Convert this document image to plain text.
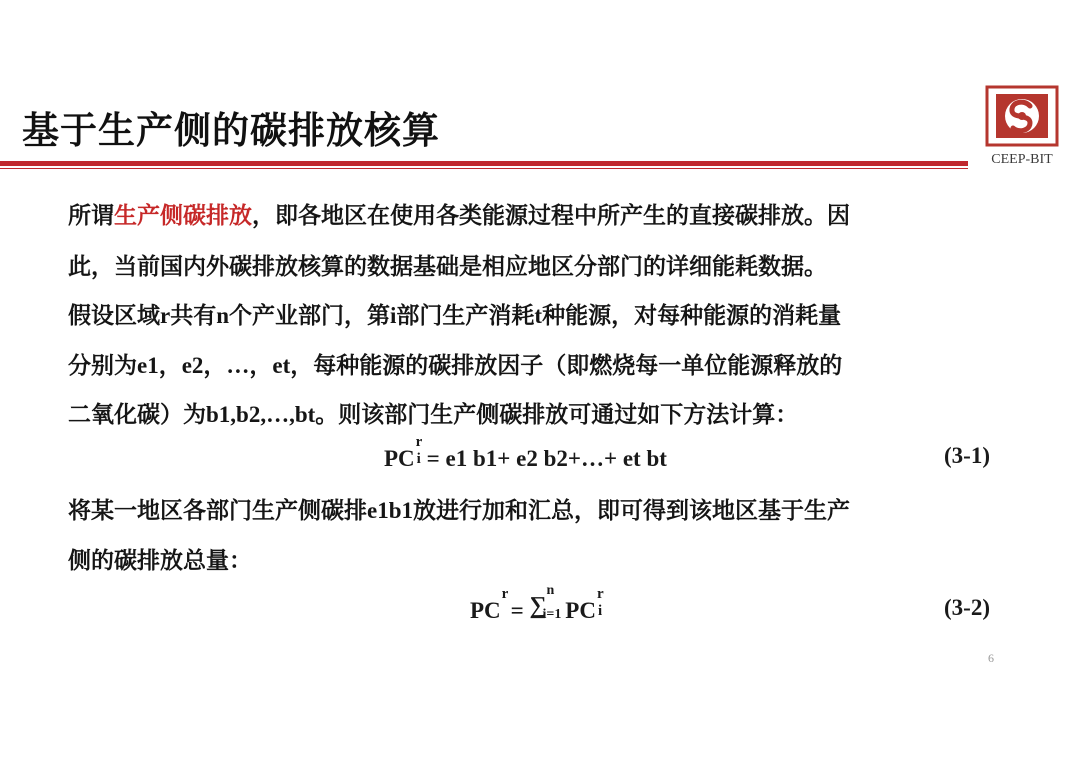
基于生产侧的碳排放核算
CEEP-BIT
所谓生产侧碳排放，即各地区在使用各类能源过程中所产生的直接碳排放。因
此，当前国内外碳排放核算的数据基础是相应地区分部门的详细能耗数据。
假设区域r共有n个产业部门，第i部门生产消耗t种能源，对每种能源的消耗量
分别为e1，e2，…，et，每种能源的碳排放因子（即燃烧每一单位能源释放的
二氧化碳）为b1,b2,…,bt。则该部门生产侧碳排放可通过如下方法计算：
PC
r
i = e1 b1+ e2 b2+…+ et bt	(3-1)
将某一地区各部门生产侧碳排e1b1放进行加和汇总，即可得到该地区基于生产
侧的碳排放总量：
PC
r
= ∑
n
i=1 PC
r
i	(3-2)
6
